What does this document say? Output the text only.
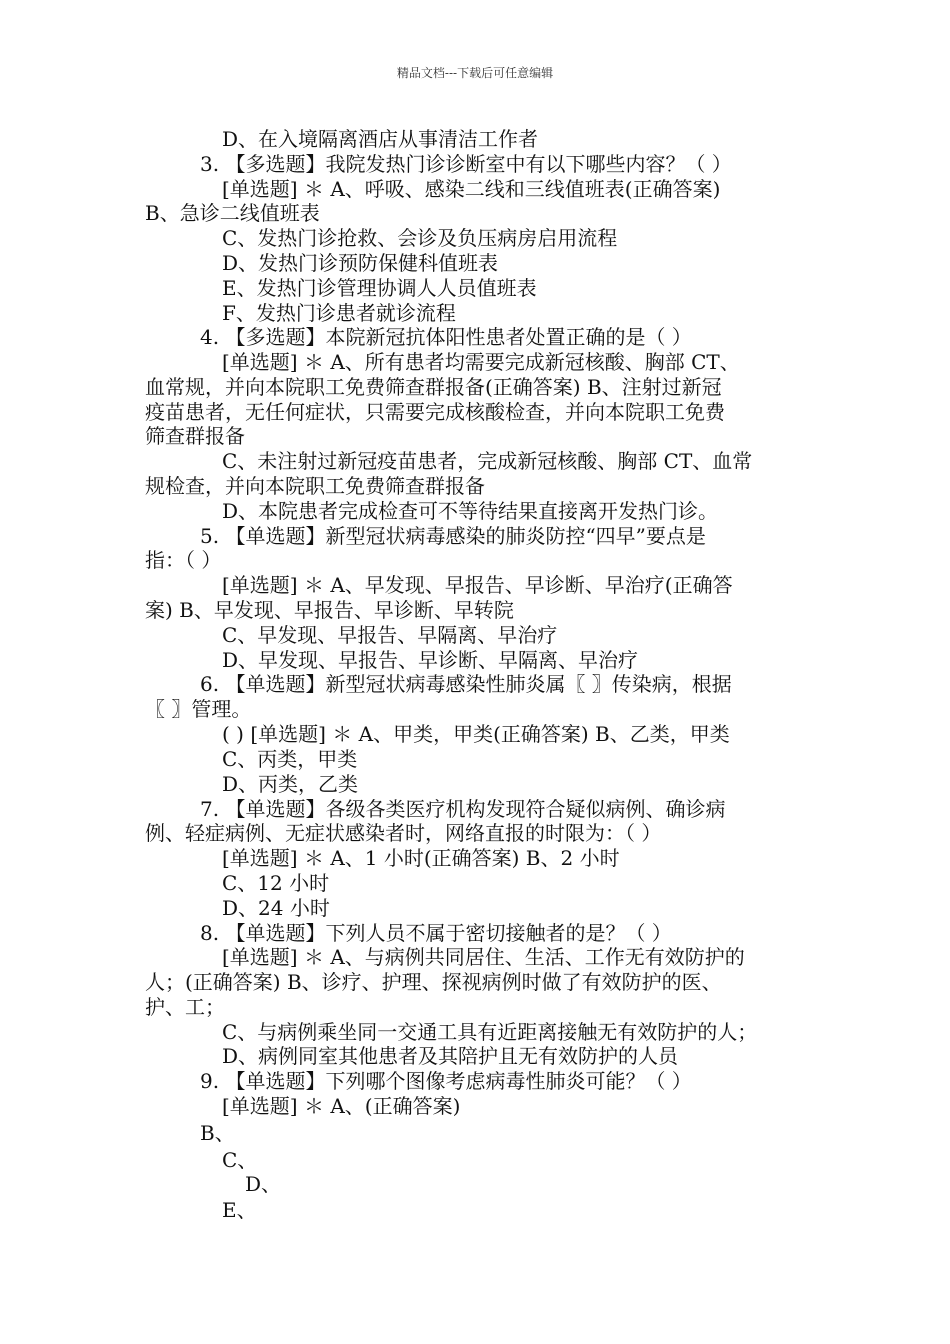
精品文档---下载后可任意编辑
D、在入境隔离酒店从事清洁工作者
3. 【多选题】我院发热门诊诊断室中有以下哪些内容？（ ）
[单选题] ＊ A、呼吸、感染二线和三线值班表(正确答案)
B、急诊二线值班表
C、发热门诊抢救、会诊及负压病房启用流程
D、发热门诊预防保健科值班表
E、发热门诊管理协调人人员值班表
F、发热门诊患者就诊流程
4. 【多选题】本院新冠抗体阳性患者处置正确的是（ ）
[单选题] ＊ A、所有患者均需要完成新冠核酸、胸部 CT、
血常规，并向本院职工免费筛查群报备(正确答案) B、注射过新冠
疫苗患者，无任何症状，只需要完成核酸检查，并向本院职工免费
筛查群报备
C、未注射过新冠疫苗患者，完成新冠核酸、胸部 CT、血常
规检查，并向本院职工免费筛查群报备
D、本院患者完成检查可不等待结果直接离开发热门诊。
5. 【单选题】新型冠状病毒感染的肺炎防控“四早”要点是
指：（ ）
[单选题] ＊ A、早发现、早报告、早诊断、早治疗(正确答
案) B、早发现、早报告、早诊断、早转院
C、早发现、早报告、早隔离、早治疗
D、早发现、早报告、早诊断、早隔离、早治疗
6. 【单选题】新型冠状病毒感染性肺炎属〖 〗传染病，根据
〖 〗管理。
( ) [单选题] ＊ A、甲类，甲类(正确答案) B、乙类，甲类
C、丙类，甲类
D、丙类，乙类
7. 【单选题】各级各类医疗机构发现符合疑似病例、确诊病
例、轻症病例、无症状感染者时，网络直报的时限为：（ ）
[单选题] ＊ A、1 小时(正确答案) B、2 小时
C、12 小时
D、24 小时
8. 【单选题】下列人员不属于密切接触者的是？（ ）
[单选题] ＊ A、与病例共同居住、生活、工作无有效防护的
人；(正确答案) B、诊疗、护理、探视病例时做了有效防护的医、
护、工；
C、与病例乘坐同一交通工具有近距离接触无有效防护的人；
D、病例同室其他患者及其陪护且无有效防护的人员
9. 【单选题】下列哪个图像考虑病毒性肺炎可能？（ ）
[单选题] ＊ A、(正确答案)
B、
C、
D、
E、
